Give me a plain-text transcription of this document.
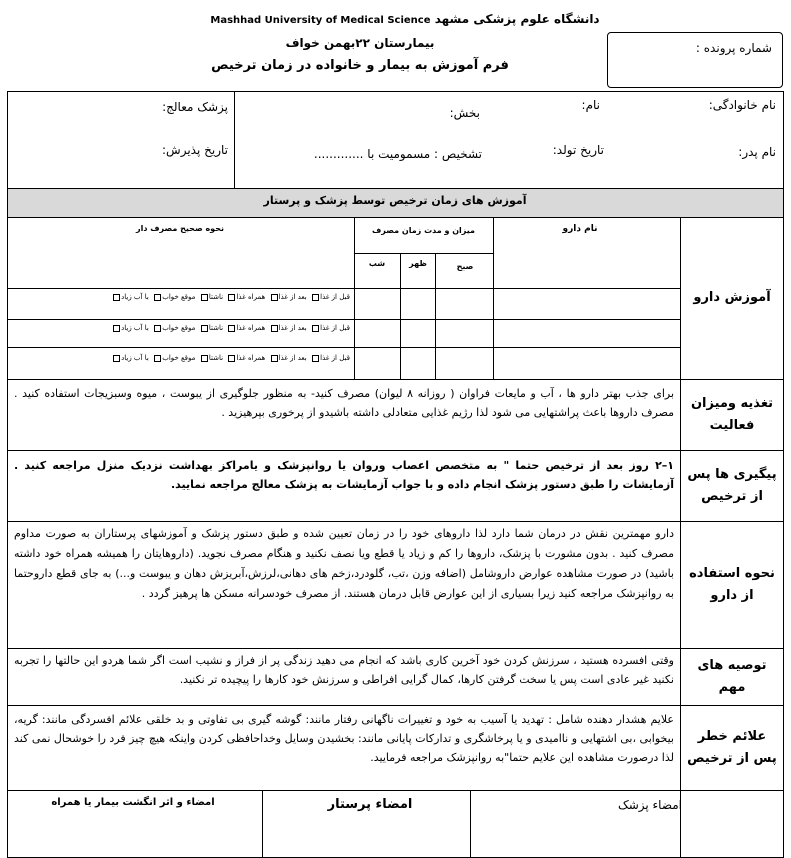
دانشگاه علوم پزشکی مشهد Mashhad University of Medical Science
بیمارستان ۲۲بهمن خواف
فرم آموزش به بیمار و خانواده در زمان ترخیص
شماره پرونده :
نام خانوادگی:
نام:
بخش:
پزشک معالج:
نام پدر:
تاریخ تولد:
تشخیص : مسمومیت با .............
تاریخ پذیرش:
آموزش های زمان ترخیص توسط پزشک و پرستار
آموزش دارو
نام دارو
میزان و مدت زمان مصرف
نحوه صحیح مصرف دار
صبح
ظهر
شب
قبل از غذا  بعد از غذا  همراه غذا  ناشتا  موقع خواب  با آب زیاد
قبل از غذا  بعد از غذا  همراه غذا  ناشتا  موقع خواب  با آب زیاد
قبل از غذا  بعد از غذا  همراه غذا  ناشتا  موقع خواب  با آب زیاد
تغذیه ومیزان فعالیت
برای جذب بهتر دارو ها ، آب و مایعات فراوان ( روزانه ۸ لیوان) مصرف کنید- به منظور جلوگیری از یبوست ، میوه وسبزیجات استفاده کنید . مصرف داروها باعث پراشتهایی می شود لذا رژیم غذایی متعادلی داشته باشیدو از پرخوری بپرهیزید .
پیگیری ها پس از ترخیص
۱–۲ روز بعد از ترخیص حتما " به متخصص اعصاب وروان یا روانپزشک و یامراکز بهداشت نزدیک منزل مراجعه کنید . آزمایشات را طبق دستور پزشک انجام داده و با جواب آزمایشات به پزشک معالج مراجعه نمایید.
نحوه استفاده از دارو
دارو مهمترین نقش در درمان شما دارد لذا داروهای خود را در زمان تعیین شده و طبق دستور پزشک و آموزشهای پرستاران به صورت مداوم مصرف کنید . بدون مشورت با پزشک، داروها را کم و زیاد یا قطع ویا نصف نکنید و هنگام مصرف نجوید. (داروهایتان را همیشه همراه خود داشته باشید) در صورت مشاهده عوارض داروشامل (اضافه وزن ،تب، گلودرد،زخم های دهانی،لرزش،آبریزش دهان و یبوست و...) به جای قطع داروحتما به روانپزشک مراجعه کنید زیرا بسیاری از این عوارض قابل درمان هستند. از مصرف خودسرانه مسکن ها پرهیز گردد .
توصیه های مهم
وقتی افسرده هستید ، سرزنش کردن خود آخرین کاری باشد که انجام می دهید زندگی پر از فراز و نشیب است اگر شما هردو این حالتها را تجربه نکنید غیر عادی است پس یا سخت گرفتن کارها، کمال گرایی افراطی و سرزنش خود کارها را پیچیده تر نکنید.
علائم خطر پس از ترخیص
علایم هشدار دهنده شامل : تهدید یا آسیب به خود و تغییرات ناگهانی رفتار مانند: گوشه گیری بی تفاوتی و بد خلقی علائم افسردگی مانند: گریه، بیخوابی ،بی اشتهایی و ناامیدی و یا پرخاشگری و تدارکات پایانی مانند: بخشیدن وسایل وخداحافظی کردن واینکه هیچ چیز فرد را خوشحال نمی کند لذا درصورت مشاهده این علایم حتما"به روانپزشک مراجعه فرمایید.
امضاء پزشک
امضاء پرستار
امضاء و اثر انگشت بیمار یا همراه
